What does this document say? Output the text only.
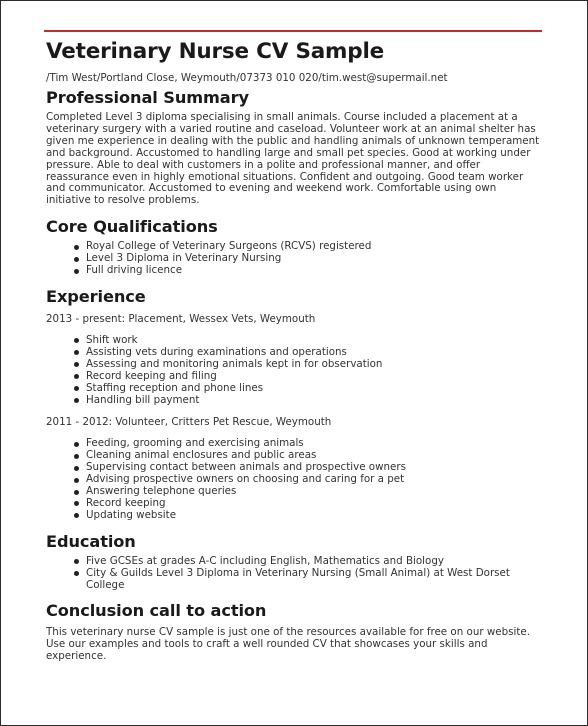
Veterinary Nurse CV Sample
/Tim West/Portland Close, Weymouth/07373 010 020/tim.west@supermail.net
Professional Summary

Completed Level 3 diploma specialising in small animals. Course included a placement at a veterinary surgery with a varied routine and caseload. Volunteer work at an animal shelter has given me experience in dealing with the public and handling animals of unknown temperament and background. Accustomed to handling large and small pet species. Good at working under pressure. Able to deal with customers in a polite and professional manner, and offer reassurance even in highly emotional situations. Confident and outgoing. Good team worker and communicator. Accustomed to evening and weekend work. Comfortable using own initiative to resolve problems.

Core Qualifications
Royal College of Veterinary Surgeons (RCVS) registered
Level 3 Diploma in Veterinary Nursing
Full driving licence
Experience
2013 - present: Placement, Wessex Vets, Weymouth
Shift work
Assisting vets during examinations and operations
Assessing and monitoring animals kept in for observation
Record keeping and filing
Staffing reception and phone lines
Handling bill payment
2011 - 2012: Volunteer, Critters Pet Rescue, Weymouth
Feeding, grooming and exercising animals
Cleaning animal enclosures and public areas
Supervising contact between animals and prospective owners
Advising prospective owners on choosing and caring for a pet
Answering telephone queries
Record keeping
Updating website
Education
Five GCSEs at grades A-C including English, Mathematics and Biology
City & Guilds Level 3 Diploma in Veterinary Nursing (Small Animal) at West Dorset College
Conclusion call to action

This veterinary nurse CV sample is just one of the resources available for free on our website. Use our examples and tools to craft a well rounded CV that showcases your skills and experience.
